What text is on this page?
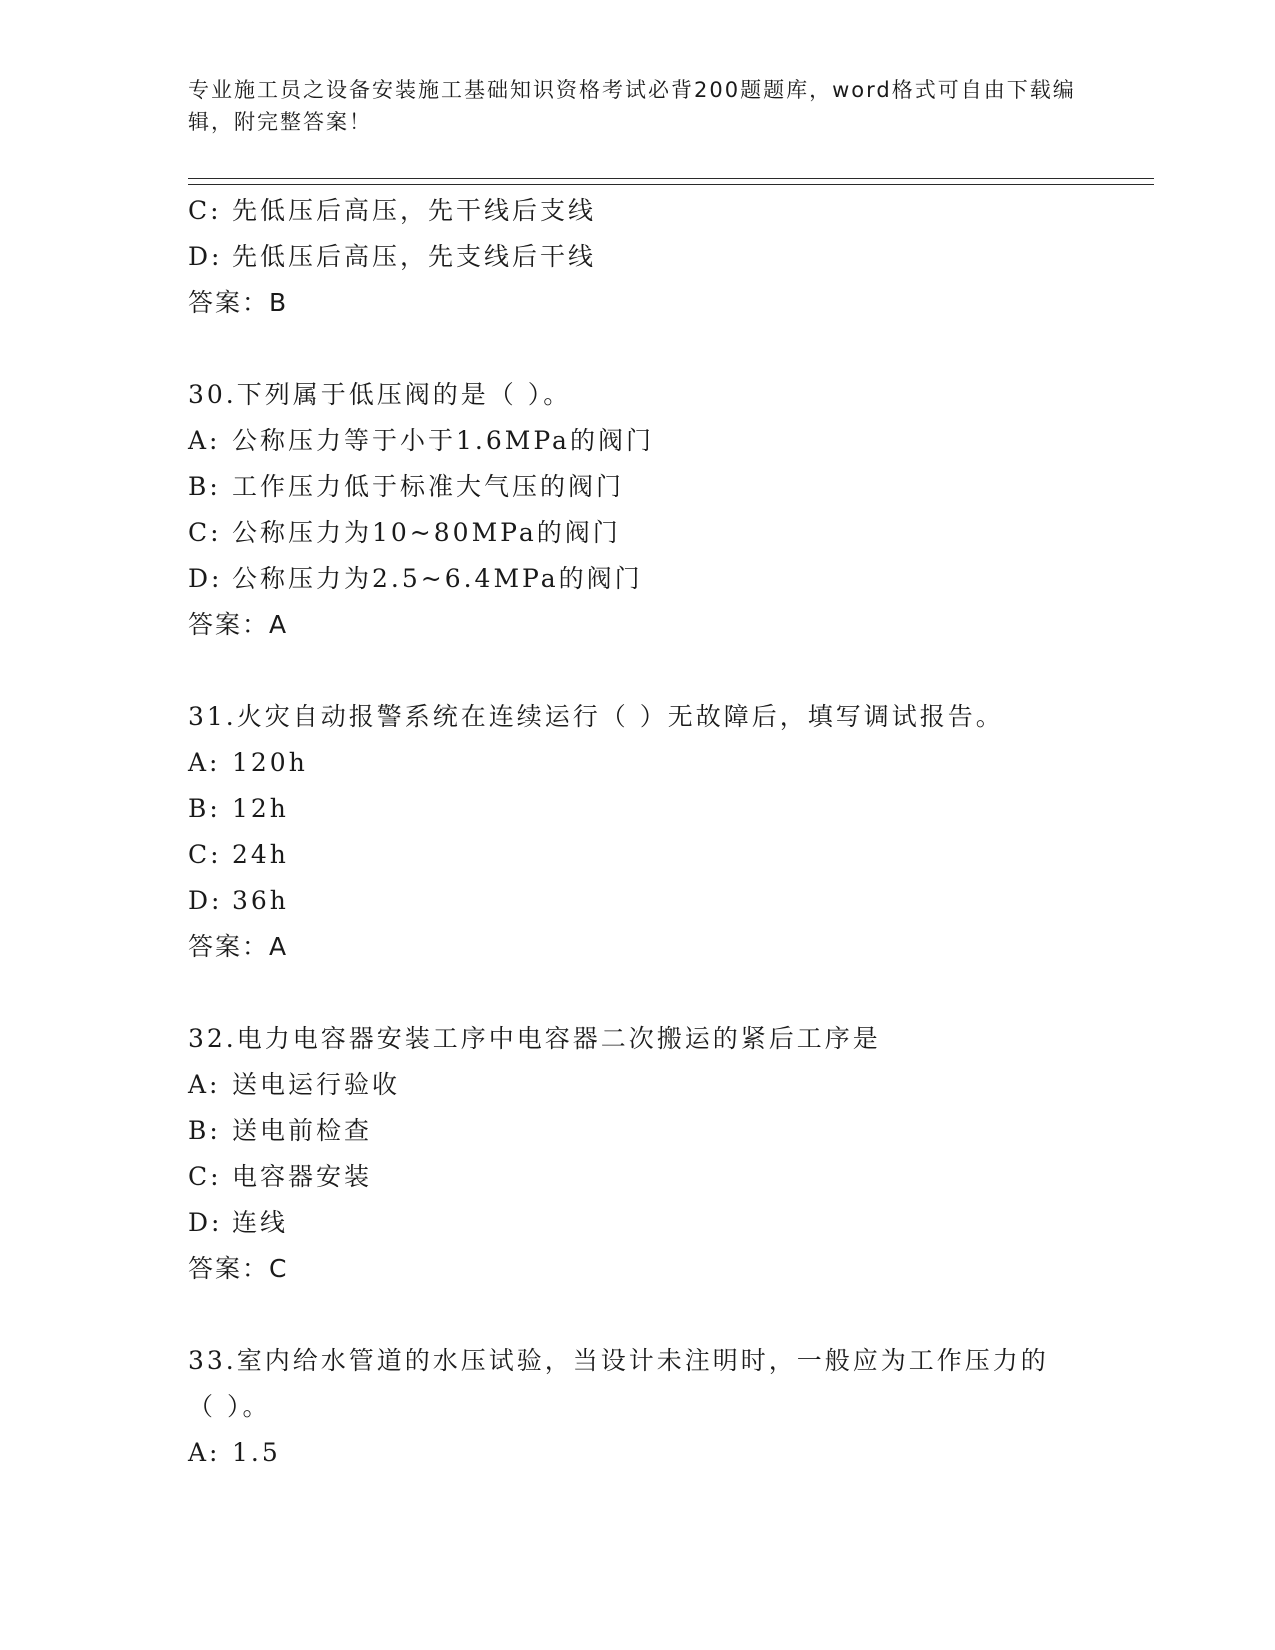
专业施工员之设备安装施工基础知识资格考试必背200题题库，word格式可自由下载编辑，附完整答案！
C: 先低压后高压，先干线后支线
D: 先低压后高压，先支线后干线
答案：B
30.下列属于低压阀的是（ ）。
A: 公称压力等于小于1.6MPa的阀门
B: 工作压力低于标准大气压的阀门
C: 公称压力为10~80MPa的阀门
D: 公称压力为2.5~6.4MPa的阀门
答案：A
31.火灾自动报警系统在连续运行（ ）无故障后，填写调试报告。
A: 120h
B: 12h
C: 24h
D: 36h
答案：A
32.电力电容器安装工序中电容器二次搬运的紧后工序是
A: 送电运行验收
B: 送电前检查
C: 电容器安装
D: 连线
答案：C
33.室内给水管道的水压试验，当设计未注明时，一般应为工作压力的
（ ）。
A: 1.5
